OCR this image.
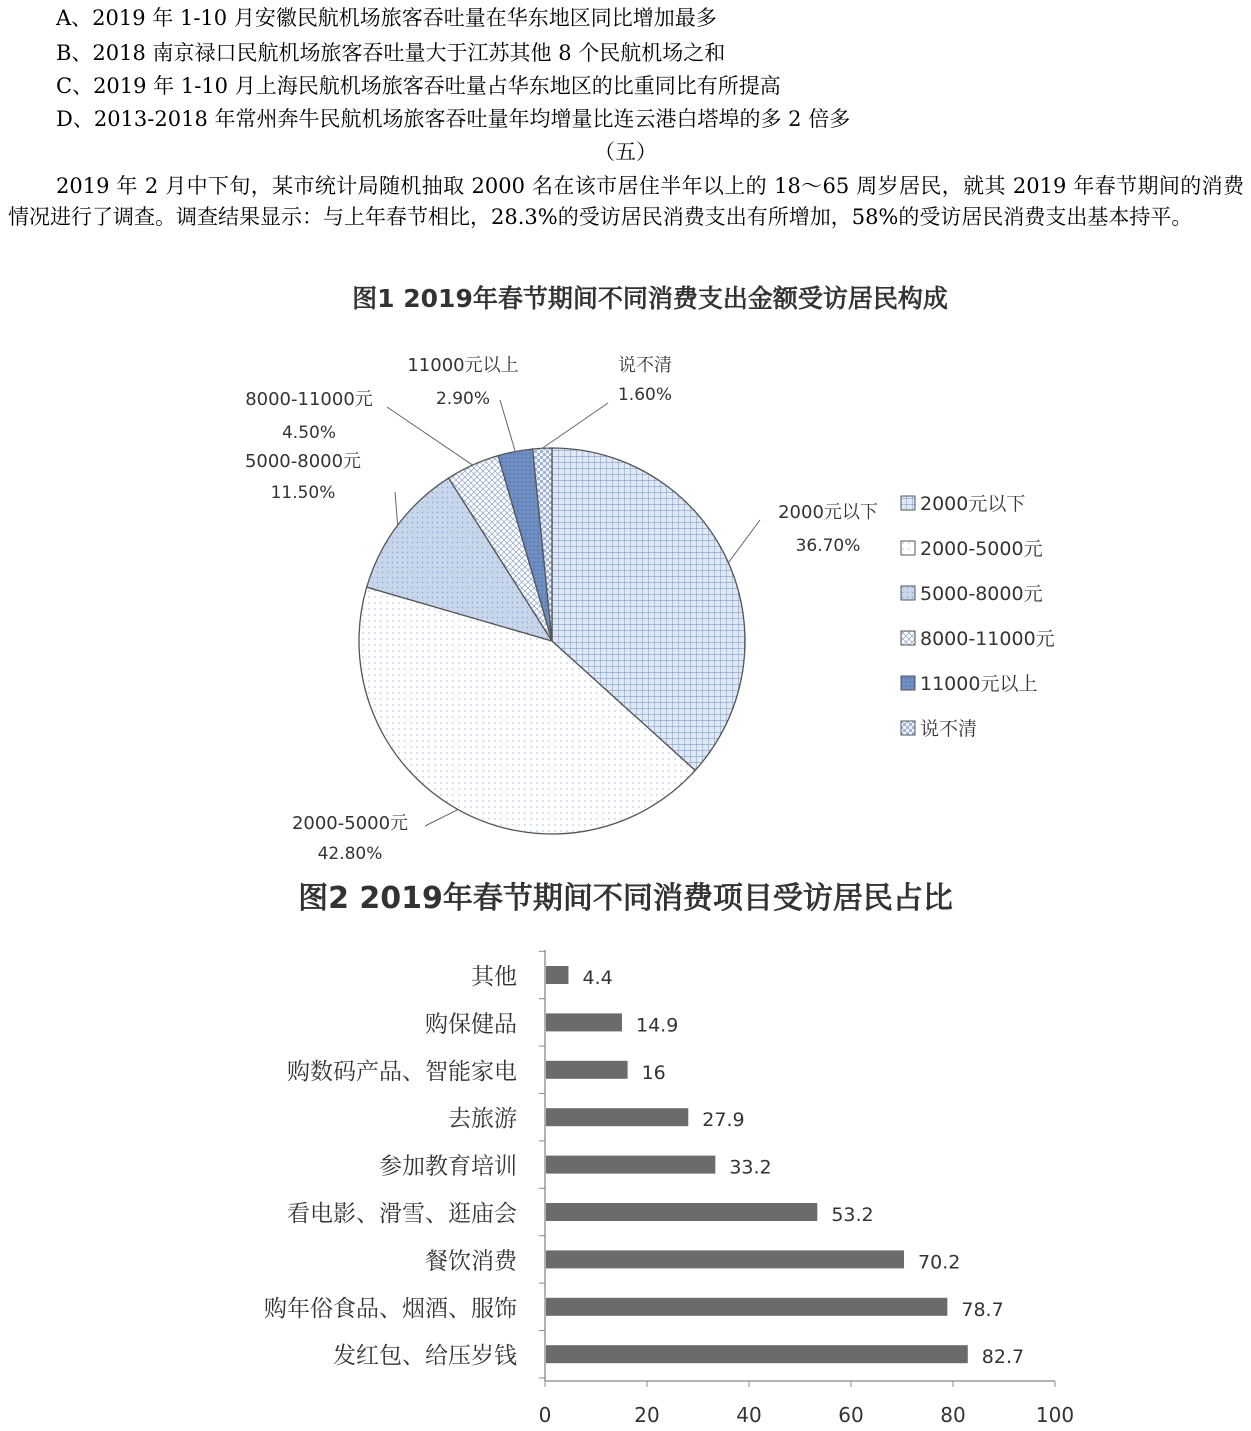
A、2019 年 1-10 月安徽民航机场旅客吞吐量在华东地区同比增加最多
B、2018 南京禄口民航机场旅客吞吐量大于江苏其他 8 个民航机场之和
C、2019 年 1-10 月上海民航机场旅客吞吐量占华东地区的比重同比有所提高
D、2013-2018 年常州奔牛民航机场旅客吞吐量年均增量比连云港白塔埠的多 2 倍多
（五）
2019 年 2 月中下旬，某市统计局随机抽取 2000 名在该市居住半年以上的 18～65 周岁居民，就其 2019 年春节期间的消费情况进行了调查。调查结果显示：与上年春节相比，28.3%的受访居民消费支出有所增加，58%的受访居民消费支出基本持平。
图1 2019年春节期间不同消费支出金额受访居民构成
图2 2019年春节期间不同消费项目受访居民占比
2000元以下
36.70%
2000-5000元
42.80%
5000-8000元
11.50%
8000-11000元
4.50%
11000元以上
2.90%
说不清
1.60%
2000元以下
2000-5000元
5000-8000元
8000-11000元
11000元以上
说不清
0	20	40	60	80	100
其他	4.4
购保健品	14.9
购数码产品、智能家电	16
去旅游	27.9
参加教育培训	33.2
看电影、滑雪、逛庙会	53.2
餐饮消费	70.2
购年俗食品、烟酒、服饰	78.7
发红包、给压岁钱	82.7
